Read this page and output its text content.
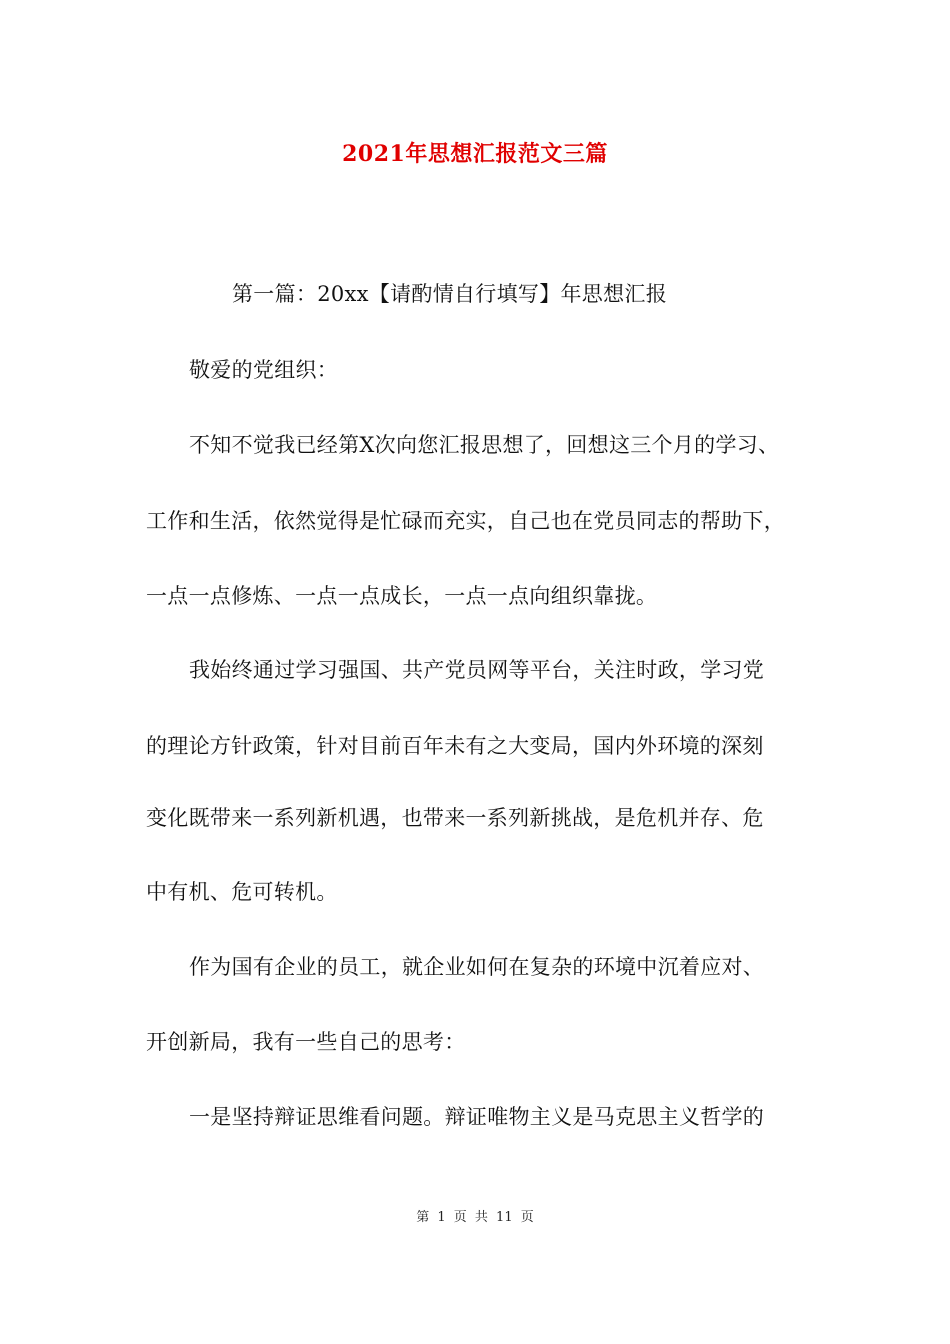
2021年思想汇报范文三篇
第一篇：20xx【请酌情自行填写】年思想汇报
敬爱的党组织：
不知不觉我已经第X次向您汇报思想了，回想这三个月的学习、
工作和生活，依然觉得是忙碌而充实，自己也在党员同志的帮助下，
一点一点修炼、一点一点成长，一点一点向组织靠拢。
我始终通过学习强国、共产党员网等平台，关注时政，学习党
的理论方针政策，针对目前百年未有之大变局，国内外环境的深刻
变化既带来一系列新机遇，也带来一系列新挑战，是危机并存、危
中有机、危可转机。
作为国有企业的员工，就企业如何在复杂的环境中沉着应对、
开创新局，我有一些自己的思考：
一是坚持辩证思维看问题。辩证唯物主义是马克思主义哲学的
第 1 页 共 11 页
